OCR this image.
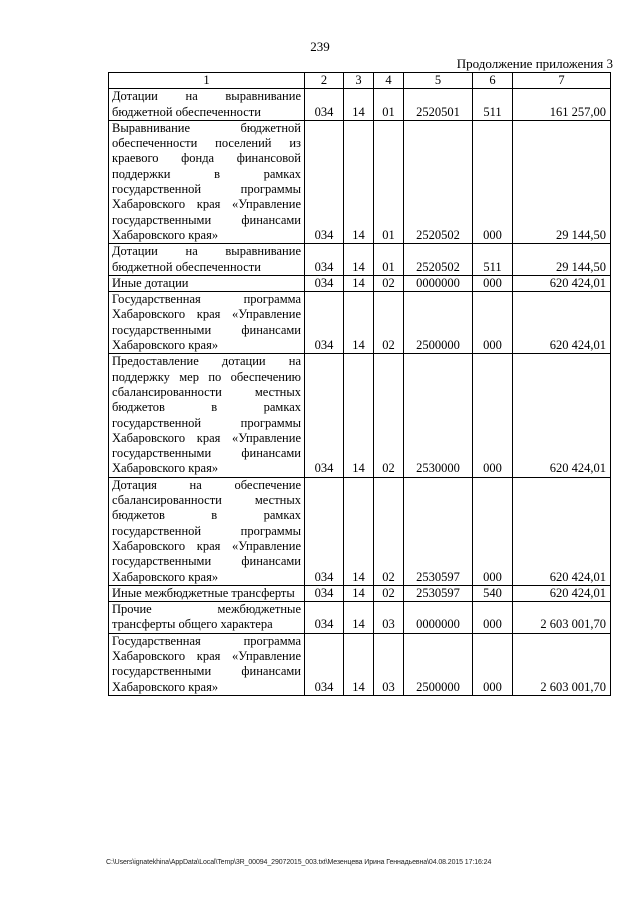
239
Продолжение приложения 3
1	2	3	4	5	6	7
Дотации на выравнивание бюджетной обеспеченности	034	14	01	2520501	511	161 257,00
Выравнивание бюджетной обеспеченности поселений из краевого фонда финансовой поддержки в рамках государственной программы Хабаровского края «Управление государственными финансами Хабаровского края»	034	14	01	2520502	000	29 144,50
Дотации на выравнивание бюджетной обеспеченности	034	14	01	2520502	511	29 144,50
Иные дотации	034	14	02	0000000	000	620 424,01
Государственная программа Хабаровского края «Управление государственными финансами Хабаровского края»	034	14	02	2500000	000	620 424,01
Предоставление дотации на поддержку мер по обеспечению сбалансированности местных бюджетов в рамках государственной программы Хабаровского края «Управление государственными финансами Хабаровского края»	034	14	02	2530000	000	620 424,01
Дотация на обеспечение сбалансированности местных бюджетов в рамках государственной программы Хабаровского края «Управление государственными финансами Хабаровского края»	034	14	02	2530597	000	620 424,01
Иные межбюджетные трансферты	034	14	02	2530597	540	620 424,01
Прочие межбюджетные трансферты общего характера	034	14	03	0000000	000	2 603 001,70
Государственная программа Хабаровского края «Управление государственными финансами Хабаровского края»	034	14	03	2500000	000	2 603 001,70
C:\Users\ignatekhina\AppData\Local\Temp\3R_00094_29072015_003.txt\Мезенцева Ирина Геннадьевна\04.08.2015 17:16:24
